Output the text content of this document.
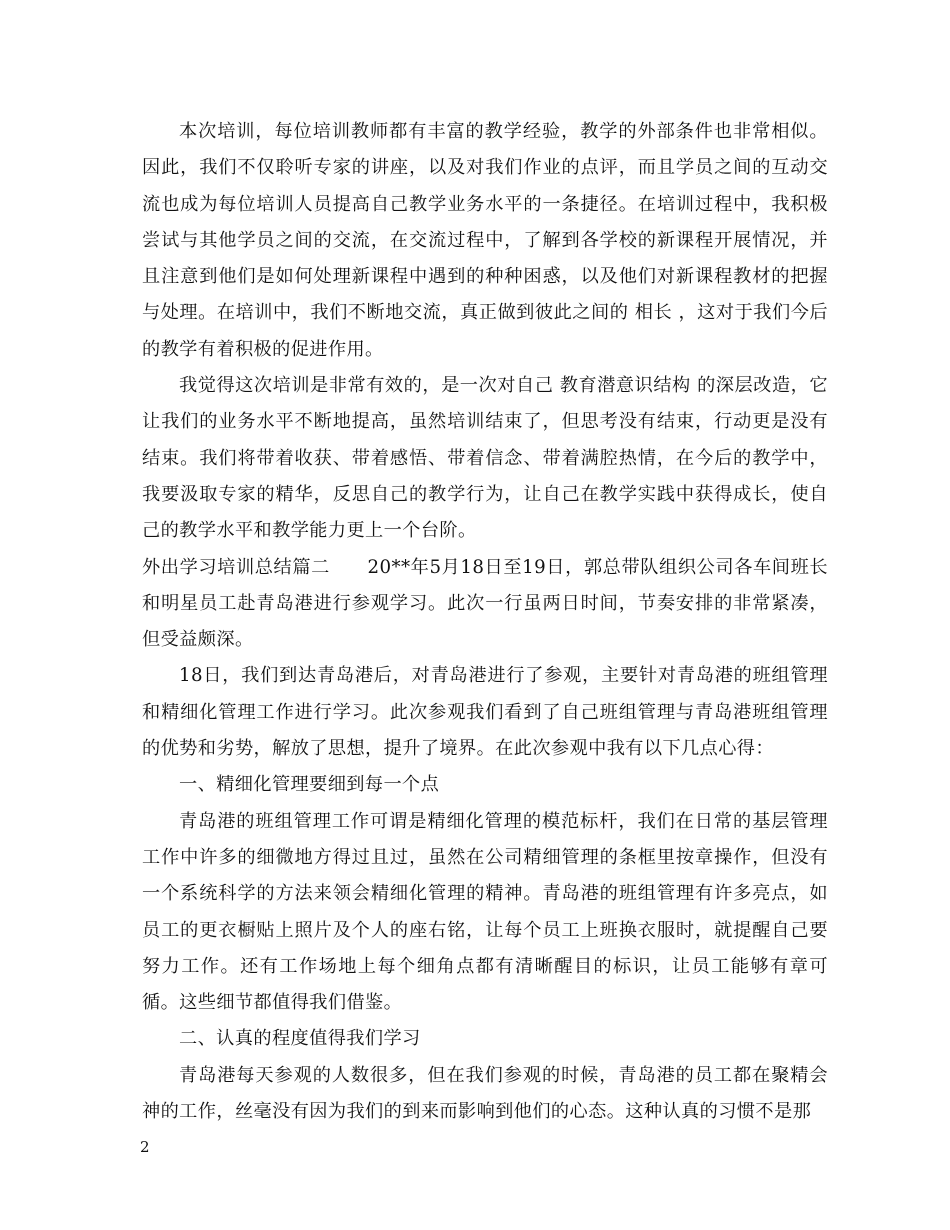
本次培训，每位培训教师都有丰富的教学经验，教学的外部条件也非常相似。因此，我们不仅聆听专家的讲座，以及对我们作业的点评，而且学员之间的互动交流也成为每位培训人员提高自己教学业务水平的一条捷径。在培训过程中，我积极尝试与其他学员之间的交流，在交流过程中，了解到各学校的新课程开展情况，并且注意到他们是如何处理新课程中遇到的种种困惑，以及他们对新课程教材的把握与处理。在培训中，我们不断地交流，真正做到彼此之间的 相长 ，这对于我们今后的教学有着积极的促进作用。

我觉得这次培训是非常有效的，是一次对自己 教育潜意识结构 的深层改造，它让我们的业务水平不断地提高，虽然培训结束了，但思考没有结束，行动更是没有结束。我们将带着收获、带着感悟、带着信念、带着满腔热情，在今后的教学中，我要汲取专家的精华，反思自己的教学行为，让自己在教学实践中获得成长，使自己的教学水平和教学能力更上一个台阶。

外出学习培训总结篇二　　20**年5月18日至19日，郭总带队组织公司各车间班长和明星员工赴青岛港进行参观学习。此次一行虽两日时间，节奏安排的非常紧凑，但受益颇深。

18日，我们到达青岛港后，对青岛港进行了参观，主要针对青岛港的班组管理和精细化管理工作进行学习。此次参观我们看到了自己班组管理与青岛港班组管理的优势和劣势，解放了思想，提升了境界。在此次参观中我有以下几点心得：

一、精细化管理要细到每一个点

青岛港的班组管理工作可谓是精细化管理的模范标杆，我们在日常的基层管理工作中许多的细微地方得过且过，虽然在公司精细管理的条框里按章操作，但没有一个系统科学的方法来领会精细化管理的精神。青岛港的班组管理有许多亮点，如员工的更衣橱贴上照片及个人的座右铭，让每个员工上班换衣服时，就提醒自己要努力工作。还有工作场地上每个细角点都有清晰醒目的标识，让员工能够有章可循。这些细节都值得我们借鉴。

二、认真的程度值得我们学习

青岛港每天参观的人数很多，但在我们参观的时候，青岛港的员工都在聚精会神的工作，丝毫没有因为我们的到来而影响到他们的心态。这种认真的习惯不是那

2
